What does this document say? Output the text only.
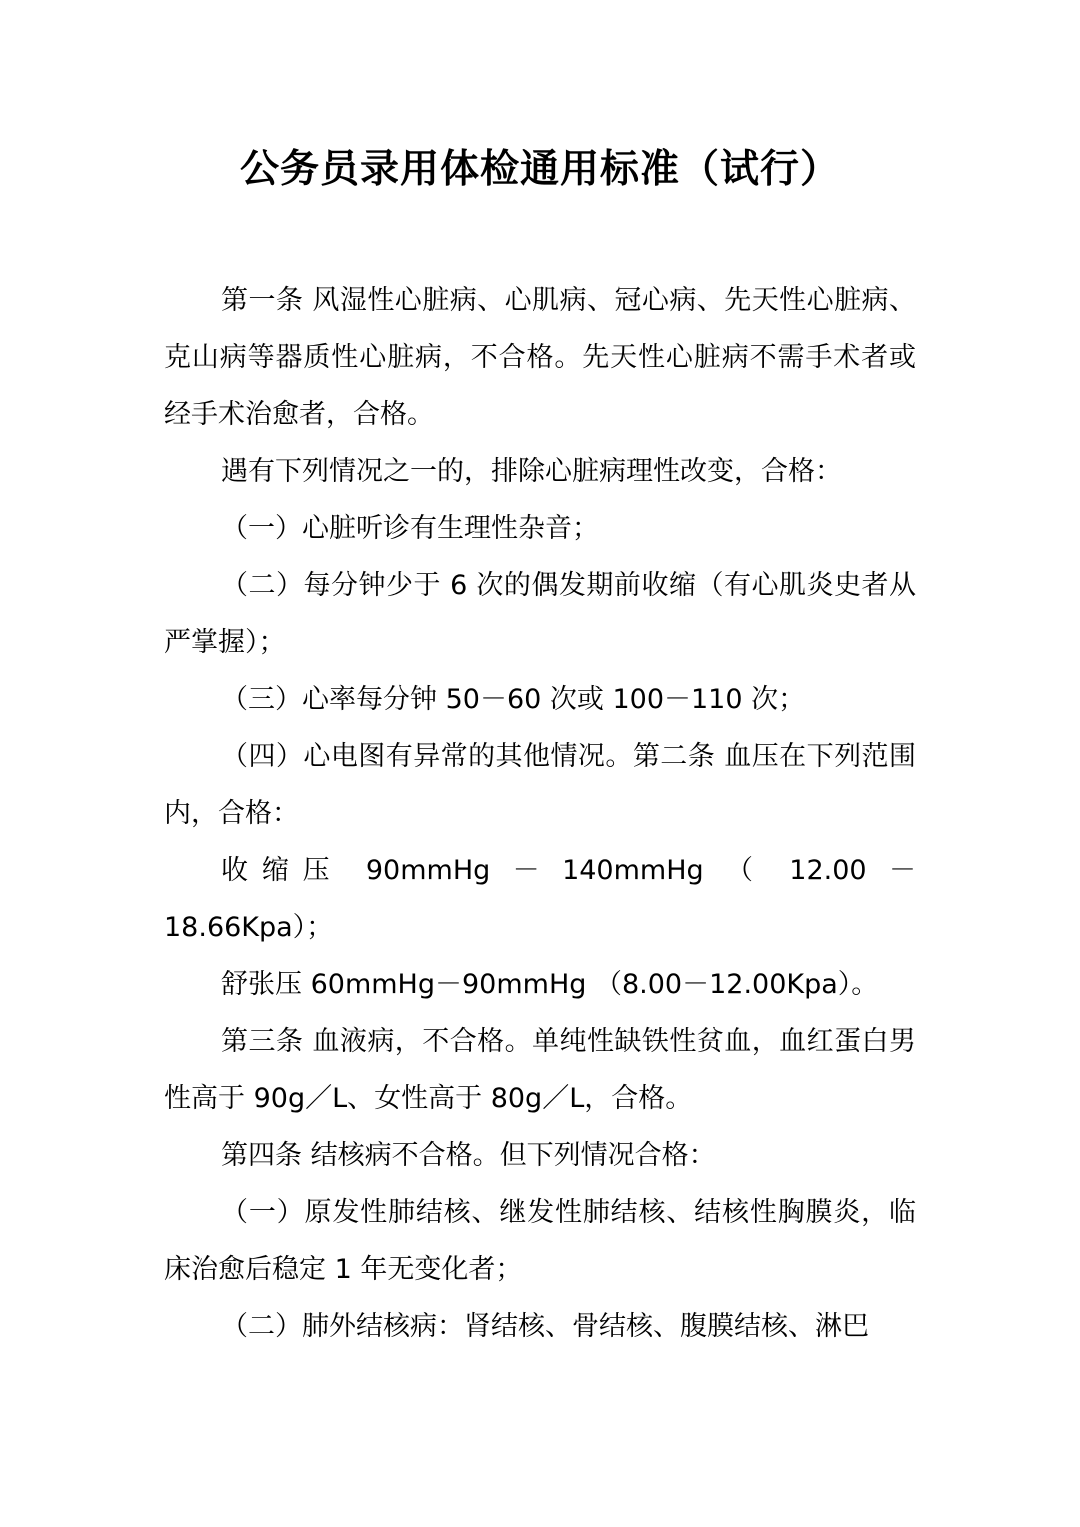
公务员录用体检通用标准（试行）

第一条 风湿性心脏病、心肌病、冠心病、先天性心脏病、克山病等器质性心脏病，不合格。先天性心脏病不需手术者或经手术治愈者，合格。

遇有下列情况之一的，排除心脏病理性改变，合格：

（一）心脏听诊有生理性杂音；

（二）每分钟少于 6 次的偶发期前收缩（有心肌炎史者从严掌握）；

（三）心率每分钟 50－60 次或 100－110 次；

（四）心电图有异常的其他情况。第二条 血压在下列范围内，合格：

收缩压 90mmHg － 140mmHg （ 12.00 － 18.66Kpa）；

舒张压 60mmHg－90mmHg （8.00－12.00Kpa）。

第三条 血液病，不合格。单纯性缺铁性贫血，血红蛋白男性高于 90g／L、女性高于 80g／L，合格。

第四条 结核病不合格。但下列情况合格：

（一）原发性肺结核、继发性肺结核、结核性胸膜炎，临床治愈后稳定 1 年无变化者；

（二）肺外结核病：肾结核、骨结核、腹膜结核、淋巴
